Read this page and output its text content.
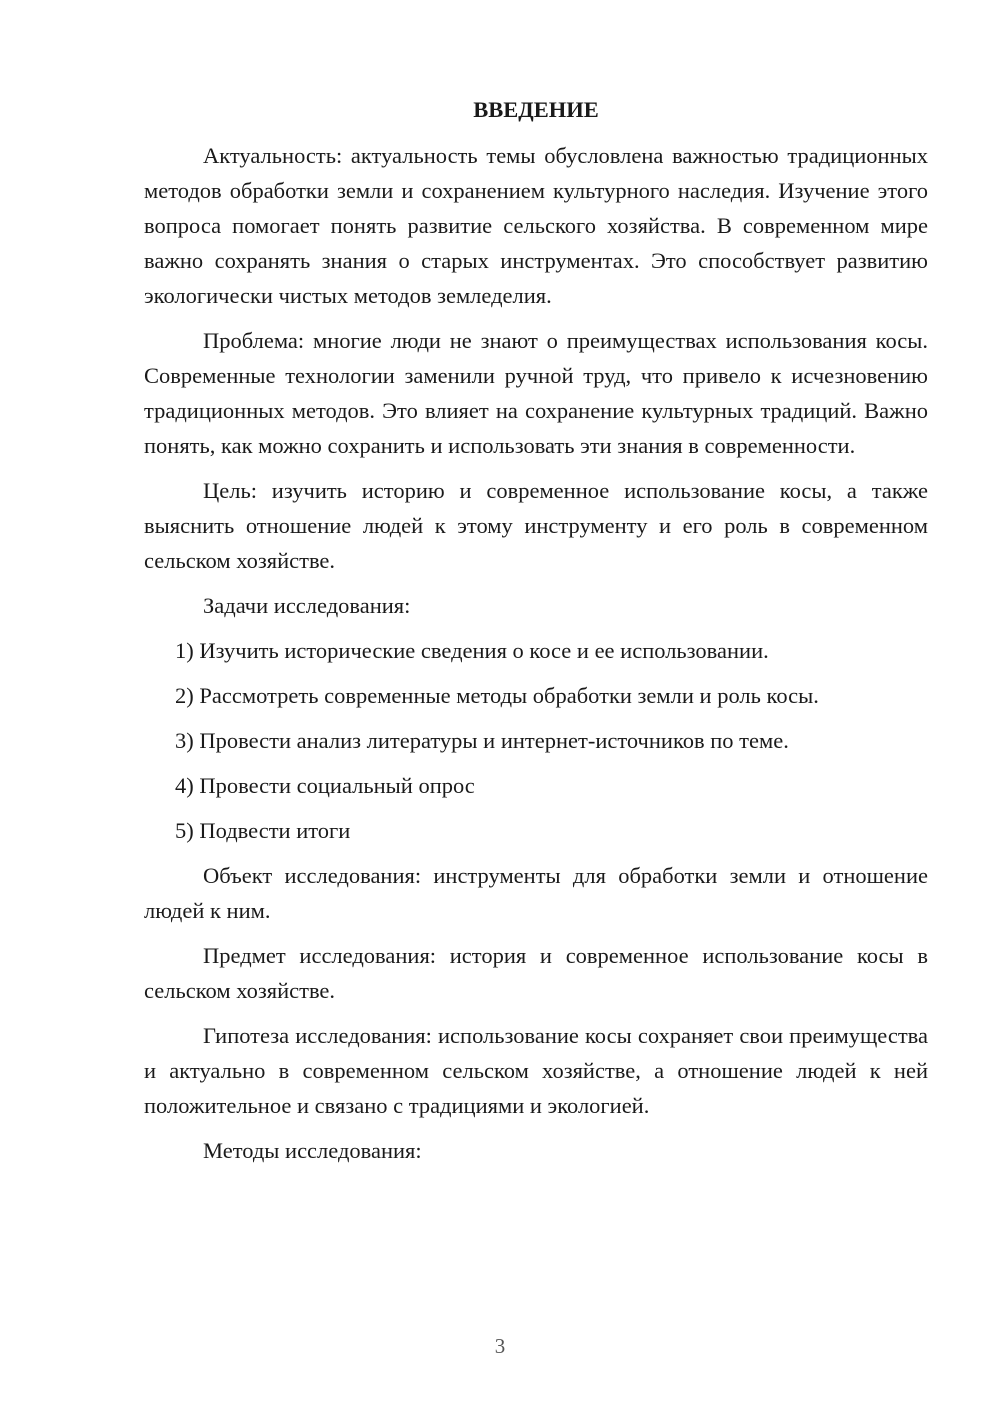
ВВЕДЕНИЕ

Актуальность: актуальность темы обусловлена важностью традиционных методов обработки земли и сохранением культурного наследия. Изучение этого вопроса помогает понять развитие сельского хозяйства. В современном мире важно сохранять знания о старых инструментах. Это способствует развитию экологически чистых методов земледелия.

Проблема: многие люди не знают о преимуществах использования косы. Современные технологии заменили ручной труд, что привело к исчезновению традиционных методов. Это влияет на сохранение культурных традиций. Важно понять, как можно сохранить и использовать эти знания в современности.

Цель: изучить историю и современное использование косы, а также выяснить отношение людей к этому инструменту и его роль в современном сельском хозяйстве.

Задачи исследования:

1) Изучить исторические сведения о косе и ее использовании.
2) Рассмотреть современные методы обработки земли и роль косы.
3) Провести анализ литературы и интернет-источников по теме.
4) Провести социальный опрос
5) Подвести итоги

Объект исследования: инструменты для обработки земли и отношение людей к ним.

Предмет исследования: история и современное использование косы в сельском хозяйстве.

Гипотеза исследования: использование косы сохраняет свои преимущества и актуально в современном сельском хозяйстве, а отношение людей к ней положительное и связано с традициями и экологией.

Методы исследования:

3
